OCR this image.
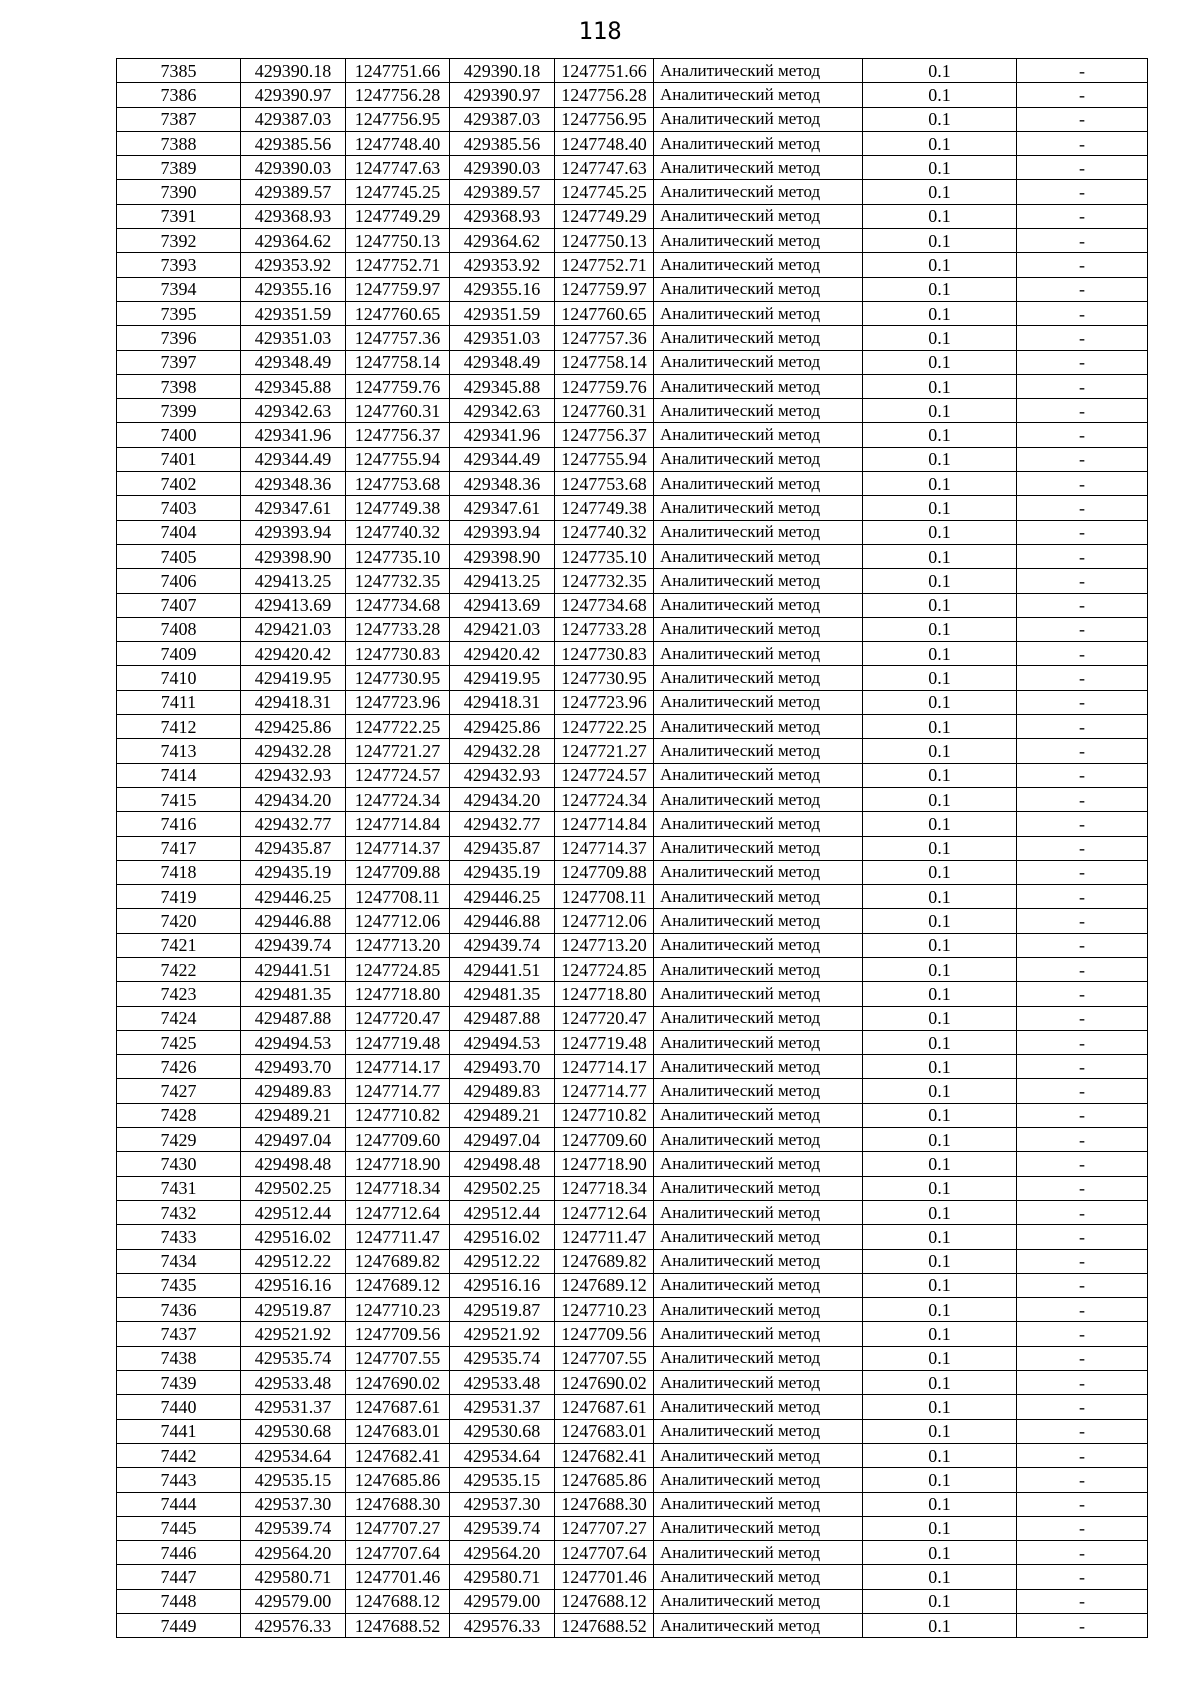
118
7385	429390.18	1247751.66	429390.18	1247751.66	Аналитический метод	0.1	-
7386	429390.97	1247756.28	429390.97	1247756.28	Аналитический метод	0.1	-
7387	429387.03	1247756.95	429387.03	1247756.95	Аналитический метод	0.1	-
7388	429385.56	1247748.40	429385.56	1247748.40	Аналитический метод	0.1	-
7389	429390.03	1247747.63	429390.03	1247747.63	Аналитический метод	0.1	-
7390	429389.57	1247745.25	429389.57	1247745.25	Аналитический метод	0.1	-
7391	429368.93	1247749.29	429368.93	1247749.29	Аналитический метод	0.1	-
7392	429364.62	1247750.13	429364.62	1247750.13	Аналитический метод	0.1	-
7393	429353.92	1247752.71	429353.92	1247752.71	Аналитический метод	0.1	-
7394	429355.16	1247759.97	429355.16	1247759.97	Аналитический метод	0.1	-
7395	429351.59	1247760.65	429351.59	1247760.65	Аналитический метод	0.1	-
7396	429351.03	1247757.36	429351.03	1247757.36	Аналитический метод	0.1	-
7397	429348.49	1247758.14	429348.49	1247758.14	Аналитический метод	0.1	-
7398	429345.88	1247759.76	429345.88	1247759.76	Аналитический метод	0.1	-
7399	429342.63	1247760.31	429342.63	1247760.31	Аналитический метод	0.1	-
7400	429341.96	1247756.37	429341.96	1247756.37	Аналитический метод	0.1	-
7401	429344.49	1247755.94	429344.49	1247755.94	Аналитический метод	0.1	-
7402	429348.36	1247753.68	429348.36	1247753.68	Аналитический метод	0.1	-
7403	429347.61	1247749.38	429347.61	1247749.38	Аналитический метод	0.1	-
7404	429393.94	1247740.32	429393.94	1247740.32	Аналитический метод	0.1	-
7405	429398.90	1247735.10	429398.90	1247735.10	Аналитический метод	0.1	-
7406	429413.25	1247732.35	429413.25	1247732.35	Аналитический метод	0.1	-
7407	429413.69	1247734.68	429413.69	1247734.68	Аналитический метод	0.1	-
7408	429421.03	1247733.28	429421.03	1247733.28	Аналитический метод	0.1	-
7409	429420.42	1247730.83	429420.42	1247730.83	Аналитический метод	0.1	-
7410	429419.95	1247730.95	429419.95	1247730.95	Аналитический метод	0.1	-
7411	429418.31	1247723.96	429418.31	1247723.96	Аналитический метод	0.1	-
7412	429425.86	1247722.25	429425.86	1247722.25	Аналитический метод	0.1	-
7413	429432.28	1247721.27	429432.28	1247721.27	Аналитический метод	0.1	-
7414	429432.93	1247724.57	429432.93	1247724.57	Аналитический метод	0.1	-
7415	429434.20	1247724.34	429434.20	1247724.34	Аналитический метод	0.1	-
7416	429432.77	1247714.84	429432.77	1247714.84	Аналитический метод	0.1	-
7417	429435.87	1247714.37	429435.87	1247714.37	Аналитический метод	0.1	-
7418	429435.19	1247709.88	429435.19	1247709.88	Аналитический метод	0.1	-
7419	429446.25	1247708.11	429446.25	1247708.11	Аналитический метод	0.1	-
7420	429446.88	1247712.06	429446.88	1247712.06	Аналитический метод	0.1	-
7421	429439.74	1247713.20	429439.74	1247713.20	Аналитический метод	0.1	-
7422	429441.51	1247724.85	429441.51	1247724.85	Аналитический метод	0.1	-
7423	429481.35	1247718.80	429481.35	1247718.80	Аналитический метод	0.1	-
7424	429487.88	1247720.47	429487.88	1247720.47	Аналитический метод	0.1	-
7425	429494.53	1247719.48	429494.53	1247719.48	Аналитический метод	0.1	-
7426	429493.70	1247714.17	429493.70	1247714.17	Аналитический метод	0.1	-
7427	429489.83	1247714.77	429489.83	1247714.77	Аналитический метод	0.1	-
7428	429489.21	1247710.82	429489.21	1247710.82	Аналитический метод	0.1	-
7429	429497.04	1247709.60	429497.04	1247709.60	Аналитический метод	0.1	-
7430	429498.48	1247718.90	429498.48	1247718.90	Аналитический метод	0.1	-
7431	429502.25	1247718.34	429502.25	1247718.34	Аналитический метод	0.1	-
7432	429512.44	1247712.64	429512.44	1247712.64	Аналитический метод	0.1	-
7433	429516.02	1247711.47	429516.02	1247711.47	Аналитический метод	0.1	-
7434	429512.22	1247689.82	429512.22	1247689.82	Аналитический метод	0.1	-
7435	429516.16	1247689.12	429516.16	1247689.12	Аналитический метод	0.1	-
7436	429519.87	1247710.23	429519.87	1247710.23	Аналитический метод	0.1	-
7437	429521.92	1247709.56	429521.92	1247709.56	Аналитический метод	0.1	-
7438	429535.74	1247707.55	429535.74	1247707.55	Аналитический метод	0.1	-
7439	429533.48	1247690.02	429533.48	1247690.02	Аналитический метод	0.1	-
7440	429531.37	1247687.61	429531.37	1247687.61	Аналитический метод	0.1	-
7441	429530.68	1247683.01	429530.68	1247683.01	Аналитический метод	0.1	-
7442	429534.64	1247682.41	429534.64	1247682.41	Аналитический метод	0.1	-
7443	429535.15	1247685.86	429535.15	1247685.86	Аналитический метод	0.1	-
7444	429537.30	1247688.30	429537.30	1247688.30	Аналитический метод	0.1	-
7445	429539.74	1247707.27	429539.74	1247707.27	Аналитический метод	0.1	-
7446	429564.20	1247707.64	429564.20	1247707.64	Аналитический метод	0.1	-
7447	429580.71	1247701.46	429580.71	1247701.46	Аналитический метод	0.1	-
7448	429579.00	1247688.12	429579.00	1247688.12	Аналитический метод	0.1	-
7449	429576.33	1247688.52	429576.33	1247688.52	Аналитический метод	0.1	-
